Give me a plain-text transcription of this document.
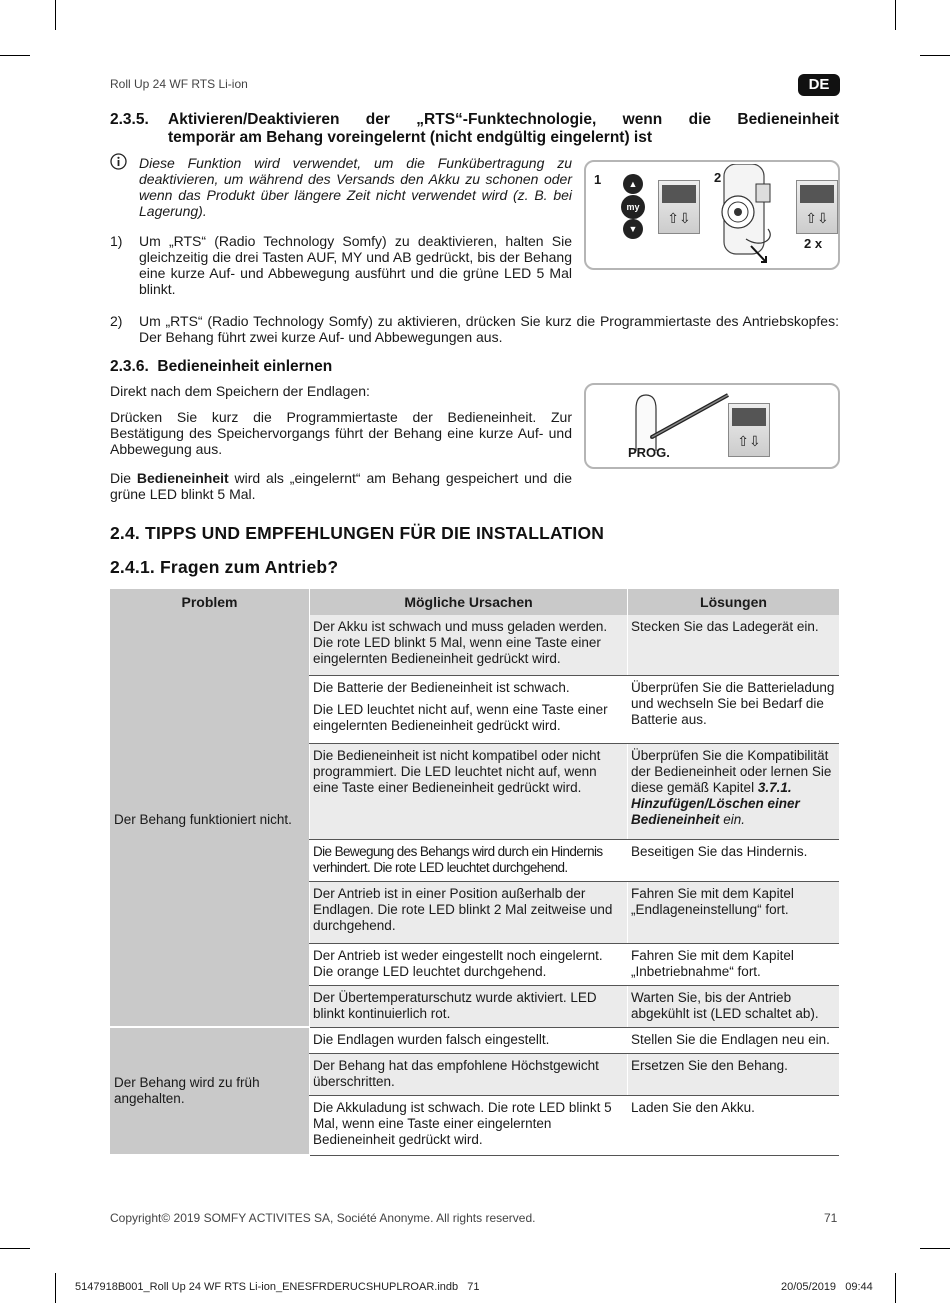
Roll Up 24 WF RTS Li-ion	DE
2.3.5. Aktivieren/Deaktivieren der „RTS“-Funktechnologie, wenn die Bedieneinheit
temporär am Behang voreingelernt (nicht endgültig eingelernt) ist
Diese Funktion wird verwendet, um die Funkübertragung zu deaktivieren, um während des Versands den Akku zu schonen oder wenn das Produkt über längere Zeit nicht verwendet wird (z. B. bei Lagerung).
1) Um „RTS“ (Radio Technology Somfy) zu deaktivieren, halten Sie gleichzeitig die drei Tasten AUF, MY und AB gedrückt, bis der Behang eine kurze Auf- und Abbewegung ausführt und die grüne LED 5 Mal blinkt.
1	▲
my
▼
⇧⇩
2
⇧⇩
2 x
2) Um „RTS“ (Radio Technology Somfy) zu aktivieren, drücken Sie kurz die Programmiertaste des Antriebskopfes: Der Behang führt zwei kurze Auf- und Abbewegungen aus.
2.3.6.  Bedieneinheit einlernen
Direkt nach dem Speichern der Endlagen:
Drücken Sie kurz die Programmiertaste der Bedieneinheit. Zur Bestätigung des Speichervorgangs führt der Behang eine kurze Auf- und Abbewegung aus.
Die Bedieneinheit wird als „eingelernt“ am Behang gespeichert und die grüne LED blinkt 5 Mal.
PROG.
⇧⇩
2.4. TIPPS UND EMPFEHLUNGEN FÜR DIE INSTALLATION
2.4.1. Fragen zum Antrieb?
Problem	Mögliche Ursachen	Lösungen
Der Behang funktioniert nicht.	Der Akku ist schwach und muss geladen werden. Die rote LED blinkt 5 Mal, wenn eine Taste einer eingelernten Bedieneinheit gedrückt wird.	Stecken Sie das Ladegerät ein.

	Die Batterie der Bedieneinheit ist schwach.
Die LED leuchtet nicht auf, wenn eine Taste einer eingelernten Bedieneinheit gedrückt wird.	Überprüfen Sie die Batterieladung und wechseln Sie bei Bedarf die Batterie aus.
	Die Bedieneinheit ist nicht kompatibel oder nicht programmiert. Die LED leuchtet nicht auf, wenn eine Taste einer Bedieneinheit gedrückt wird.	Überprüfen Sie die Kompatibilität der Bedieneinheit oder lernen Sie diese gemäß Kapitel 3.7.1. Hinzufügen/Löschen einer Bedieneinheit ein.
	Die Bewegung des Behangs wird durch ein Hindernis verhindert. Die rote LED leuchtet durchgehend.	Beseitigen Sie das Hindernis.
	Der Antrieb ist in einer Position außerhalb der Endlagen. Die rote LED blinkt 2 Mal zeitweise und durchgehend.	Fahren Sie mit dem Kapitel „Endlageneinstellung“ fort.
	Der Antrieb ist weder eingestellt noch eingelernt. Die orange LED leuchtet durchgehend.	Fahren Sie mit dem Kapitel „Inbetriebnahme“ fort.
	Der Übertemperaturschutz wurde aktiviert. LED blinkt kontinuierlich rot.	Warten Sie, bis der Antrieb abgekühlt ist (LED schaltet ab).
Der Behang wird zu früh angehalten.	Die Endlagen wurden falsch eingestellt.	Stellen Sie die Endlagen neu ein.
	Der Behang hat das empfohlene Höchstgewicht überschritten.	Ersetzen Sie den Behang.
	Die Akkuladung ist schwach. Die rote LED blinkt 5 Mal, wenn eine Taste einer eingelernten Bedieneinheit gedrückt wird.	Laden Sie den Akku.
Copyright© 2019 SOMFY ACTIVITES SA, Société Anonyme. All rights reserved.	71
5147918B001_Roll Up 24 WF RTS Li-ion_ENESFRDERUCSHUPLROAR.indb   71	20/05/2019   09:44
